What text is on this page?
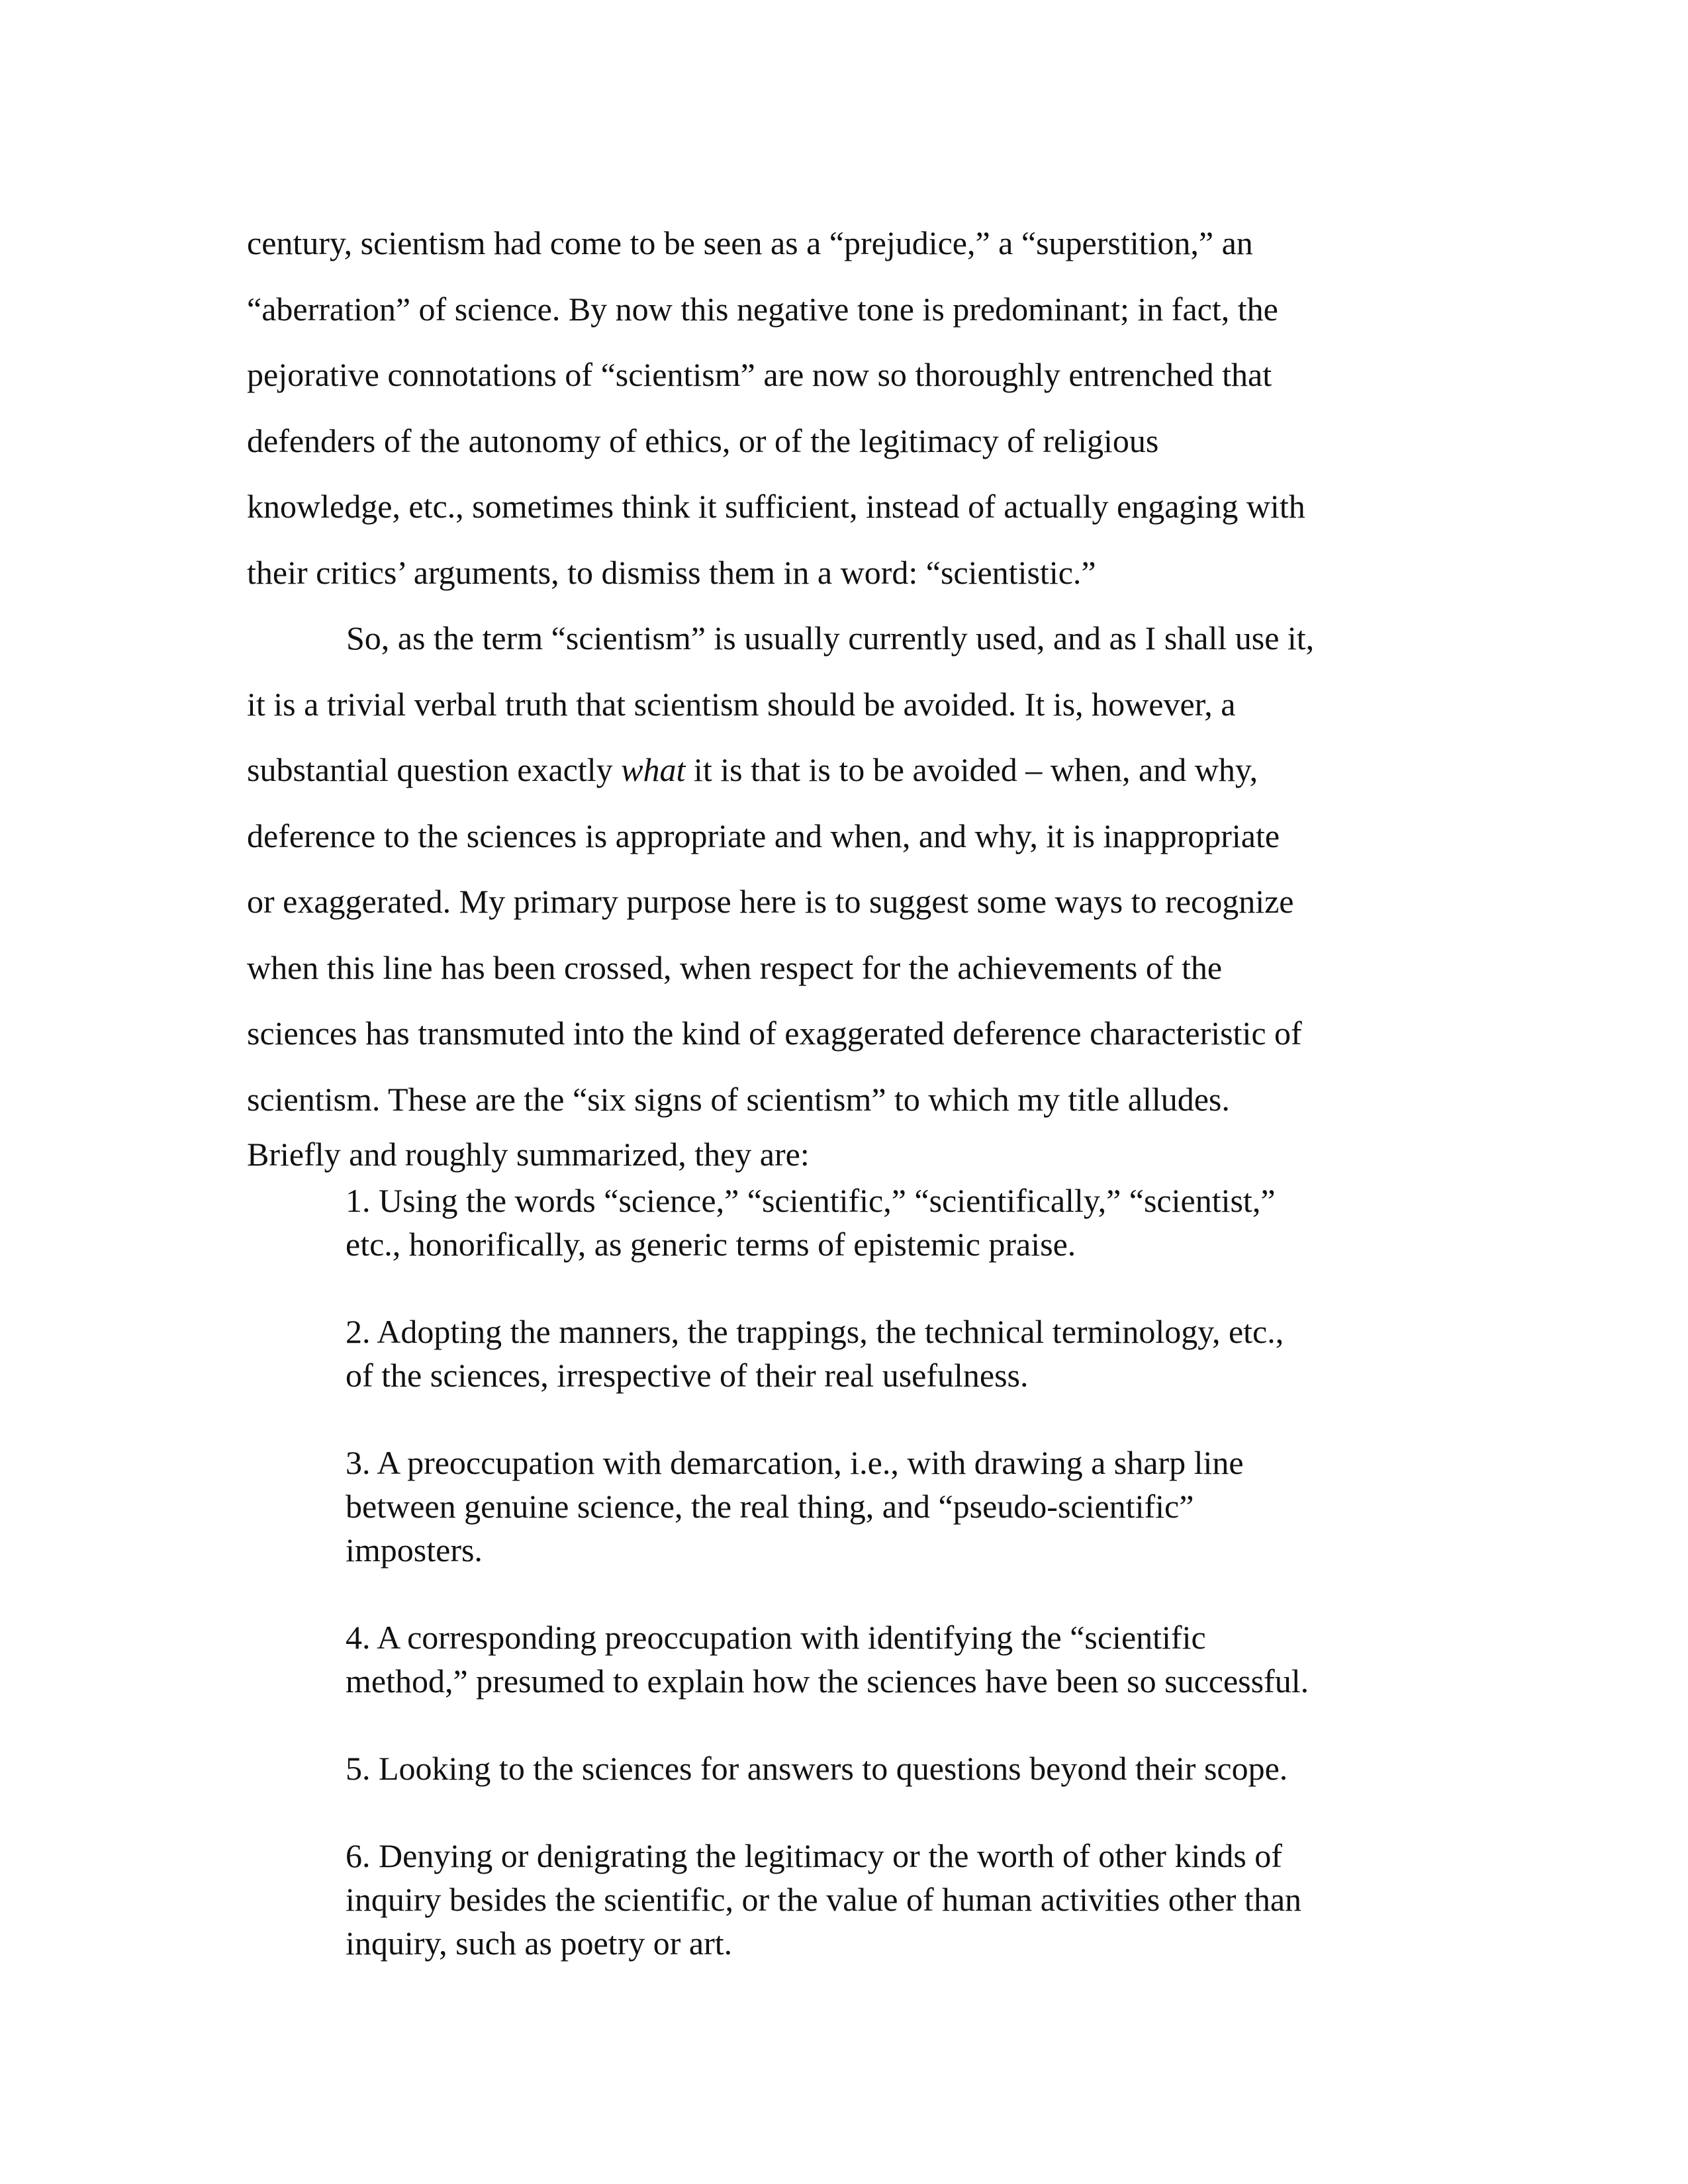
century, scientism had come to be seen as a “prejudice,” a “superstition,” an
“aberration” of science. By now this negative tone is predominant; in fact, the
pejorative connotations of “scientism” are now so thoroughly entrenched that
defenders of the autonomy of ethics, or of the legitimacy of religious
knowledge, etc., sometimes think it sufficient, instead of actually engaging with
their critics’ arguments, to dismiss them in a word: “scientistic.”

So, as the term “scientism” is usually currently used, and as I shall use it,
it is a trivial verbal truth that scientism should be avoided. It is, however, a
substantial question exactly what it is that is to be avoided – when, and why,
deference to the sciences is appropriate and when, and why, it is inappropriate
or exaggerated. My primary purpose here is to suggest some ways to recognize
when this line has been crossed, when respect for the achievements of the
sciences has transmuted into the kind of exaggerated deference characteristic of
scientism. These are the “six signs of scientism” to which my title alludes.

Briefly and roughly summarized, they are:
1. Using the words “science,” “scientific,” “scientifically,” “scientist,”
etc., honorifically, as generic terms of epistemic praise.
2. Adopting the manners, the trappings, the technical terminology, etc.,
of the sciences, irrespective of their real usefulness.
3. A preoccupation with demarcation, i.e., with drawing a sharp line
between genuine science, the real thing, and “pseudo-scientific”
imposters.
4. A corresponding preoccupation with identifying the “scientific
method,” presumed to explain how the sciences have been so successful.
5. Looking to the sciences for answers to questions beyond their scope.
6. Denying or denigrating the legitimacy or the worth of other kinds of
inquiry besides the scientific, or the value of human activities other than
inquiry, such as poetry or art.
